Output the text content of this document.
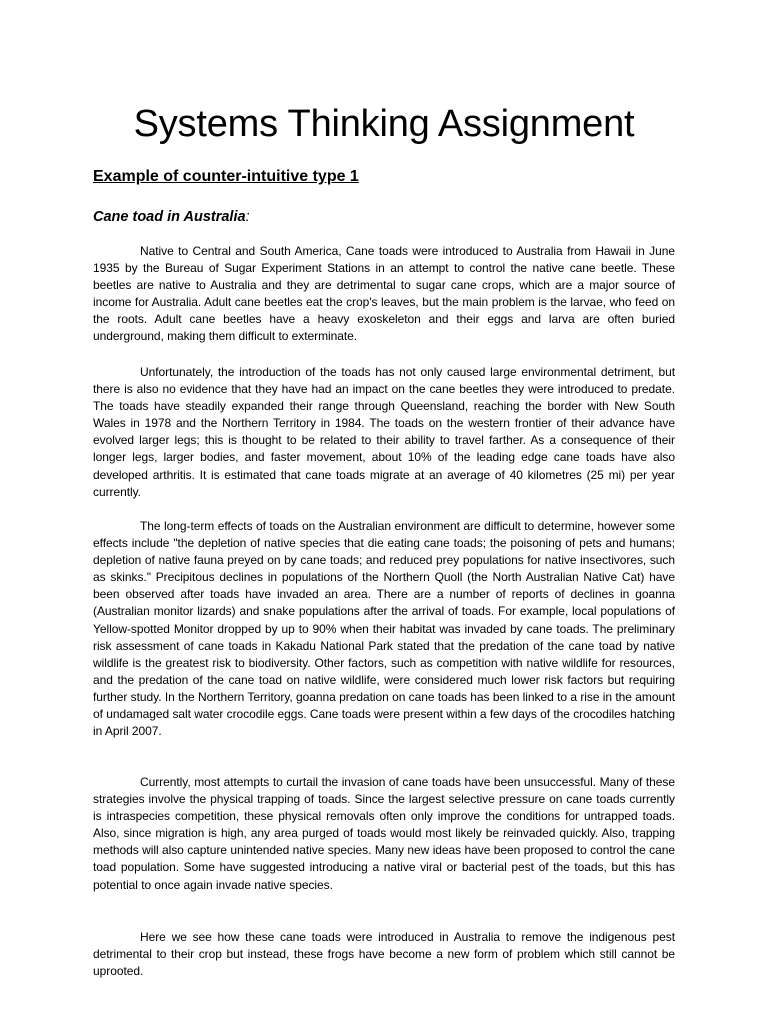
Systems Thinking Assignment
Example of counter-intuitive type 1
Cane toad in Australia:

Native to Central and South America, Cane toads were introduced to Australia from Hawaii in June 1935 by the Bureau of Sugar Experiment Stations in an attempt to control the native cane beetle. These beetles are native to Australia and they are detrimental to sugar cane crops, which are a major source of income for Australia. Adult cane beetles eat the crop's leaves, but the main problem is the larvae, who feed on the roots. Adult cane beetles have a heavy exoskeleton and their eggs and larva are often buried underground, making them difficult to exterminate.

Unfortunately, the introduction of the toads has not only caused large environmental detriment, but there is also no evidence that they have had an impact on the cane beetles they were introduced to predate. The toads have steadily expanded their range through Queensland, reaching the border with New South Wales in 1978 and the Northern Territory in 1984. The toads on the western frontier of their advance have evolved larger legs; this is thought to be related to their ability to travel farther. As a consequence of their longer legs, larger bodies, and faster movement, about 10% of the leading edge cane toads have also developed arthritis. It is estimated that cane toads migrate at an average of 40 kilometres (25 mi) per year currently.

The long-term effects of toads on the Australian environment are difficult to determine, however some effects include "the depletion of native species that die eating cane toads; the poisoning of pets and humans; depletion of native fauna preyed on by cane toads; and reduced prey populations for native insectivores, such as skinks." Precipitous declines in populations of the Northern Quoll (the North Australian Native Cat) have been observed after toads have invaded an area. There are a number of reports of declines in goanna (Australian monitor lizards) and snake populations after the arrival of toads. For example, local populations of Yellow-spotted Monitor dropped by up to 90% when their habitat was invaded by cane toads. The preliminary risk assessment of cane toads in Kakadu National Park stated that the predation of the cane toad by native wildlife is the greatest risk to biodiversity. Other factors, such as competition with native wildlife for resources, and the predation of the cane toad on native wildlife, were considered much lower risk factors but requiring further study. In the Northern Territory, goanna predation on cane toads has been linked to a rise in the amount of undamaged salt water crocodile eggs. Cane toads were present within a few days of the crocodiles hatching in April 2007.

Currently, most attempts to curtail the invasion of cane toads have been unsuccessful. Many of these strategies involve the physical trapping of toads. Since the largest selective pressure on cane toads currently is intraspecies competition, these physical removals often only improve the conditions for untrapped toads. Also, since migration is high, any area purged of toads would most likely be reinvaded quickly. Also, trapping methods will also capture unintended native species. Many new ideas have been proposed to control the cane toad population. Some have suggested introducing a native viral or bacterial pest of the toads, but this has potential to once again invade native species.

Here we see how these cane toads were introduced in Australia to remove the indigenous pest detrimental to their crop but instead, these frogs have become a new form of problem which still cannot be uprooted.
